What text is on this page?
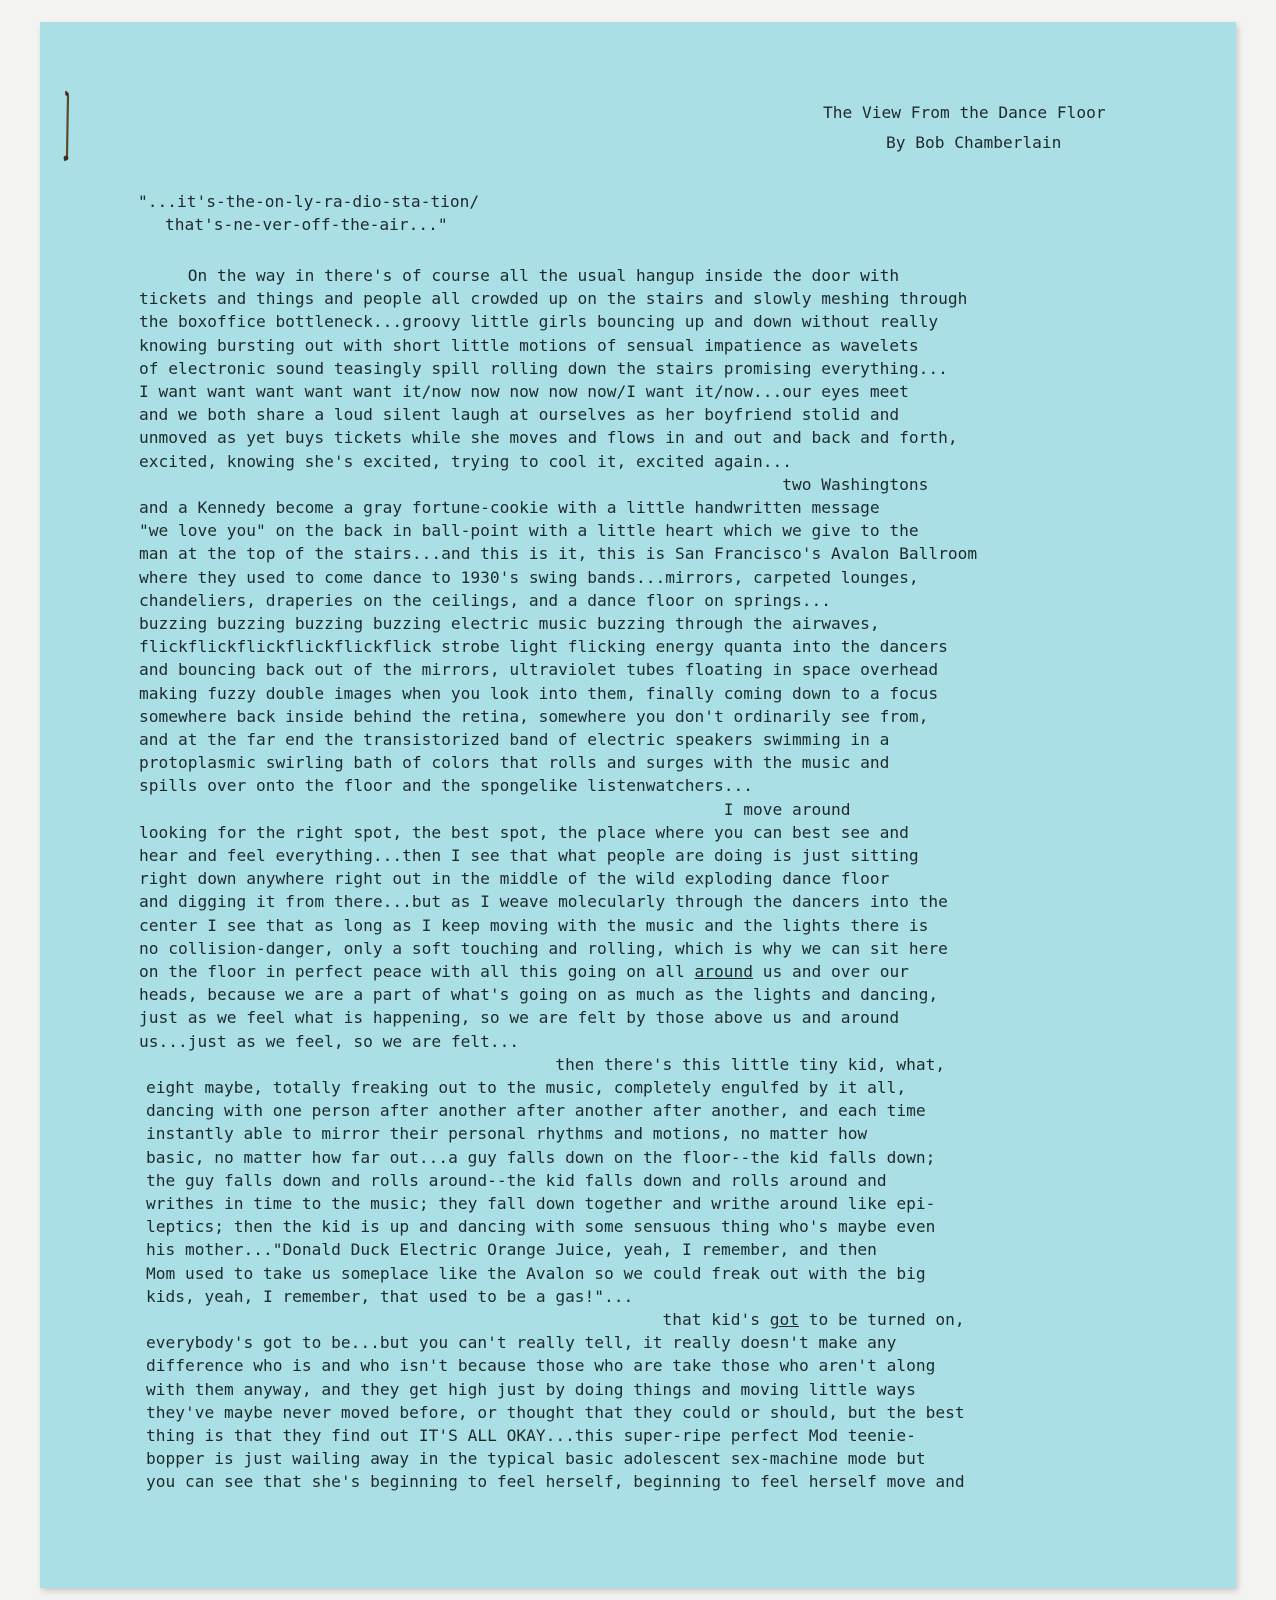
The View From the Dance Floor
By Bob Chamberlain
"...it's-the-on-ly-ra-dio-sta-tion/
that's-ne-ver-off-the-air..."
On the way in there's of course all the usual hangup inside the door with
tickets and things and people all crowded up on the stairs and slowly meshing through
the boxoffice bottleneck...groovy little girls bouncing up and down without really
knowing bursting out with short little motions of sensual impatience as wavelets
of electronic sound teasingly spill rolling down the stairs promising everything...
I want want want want want it/now now now now now/I want it/now...our eyes meet
and we both share a loud silent laugh at ourselves as her boyfriend stolid and
unmoved as yet buys tickets while she moves and flows in and out and back and forth,
excited, knowing she's excited, trying to cool it, excited again...
two Washingtons
and a Kennedy become a gray fortune-cookie with a little handwritten message
"we love you" on the back in ball-point with a little heart which we give to the
man at the top of the stairs...and this is it, this is San Francisco's Avalon Ballroom
where they used to come dance to 1930's swing bands...mirrors, carpeted lounges,
chandeliers, draperies on the ceilings, and a dance floor on springs...
buzzing buzzing buzzing buzzing electric music buzzing through the airwaves,
flickflickflickflickflickflick strobe light flicking energy quanta into the dancers
and bouncing back out of the mirrors, ultraviolet tubes floating in space overhead
making fuzzy double images when you look into them, finally coming down to a focus
somewhere back inside behind the retina, somewhere you don't ordinarily see from,
and at the far end the transistorized band of electric speakers swimming in a
protoplasmic swirling bath of colors that rolls and surges with the music and
spills over onto the floor and the spongelike listenwatchers...
I move around
looking for the right spot, the best spot, the place where you can best see and
hear and feel everything...then I see that what people are doing is just sitting
right down anywhere right out in the middle of the wild exploding dance floor
and digging it from there...but as I weave molecularly through the dancers into the
center I see that as long as I keep moving with the music and the lights there is
no collision-danger, only a soft touching and rolling, which is why we can sit here
on the floor in perfect peace with all this going on all around us and over our
heads, because we are a part of what's going on as much as the lights and dancing,
just as we feel what is happening, so we are felt by those above us and around
us...just as we feel, so we are felt...
then there's this little tiny kid, what,
eight maybe, totally freaking out to the music, completely engulfed by it all,
dancing with one person after another after another after another, and each time
instantly able to mirror their personal rhythms and motions, no matter how
basic, no matter how far out...a guy falls down on the floor--the kid falls down;
the guy falls down and rolls around--the kid falls down and rolls around and
writhes in time to the music; they fall down together and writhe around like epi-
leptics; then the kid is up and dancing with some sensuous thing who's maybe even
his mother..."Donald Duck Electric Orange Juice, yeah, I remember, and then
Mom used to take us someplace like the Avalon so we could freak out with the big
kids, yeah, I remember, that used to be a gas!"...
that kid's got to be turned on,
everybody's got to be...but you can't really tell, it really doesn't make any
difference who is and who isn't because those who are take those who aren't along
with them anyway, and they get high just by doing things and moving little ways
they've maybe never moved before, or thought that they could or should, but the best
thing is that they find out IT'S ALL OKAY...this super-ripe perfect Mod teenie-
bopper is just wailing away in the typical basic adolescent sex-machine mode but
you can see that she's beginning to feel herself, beginning to feel herself move and
